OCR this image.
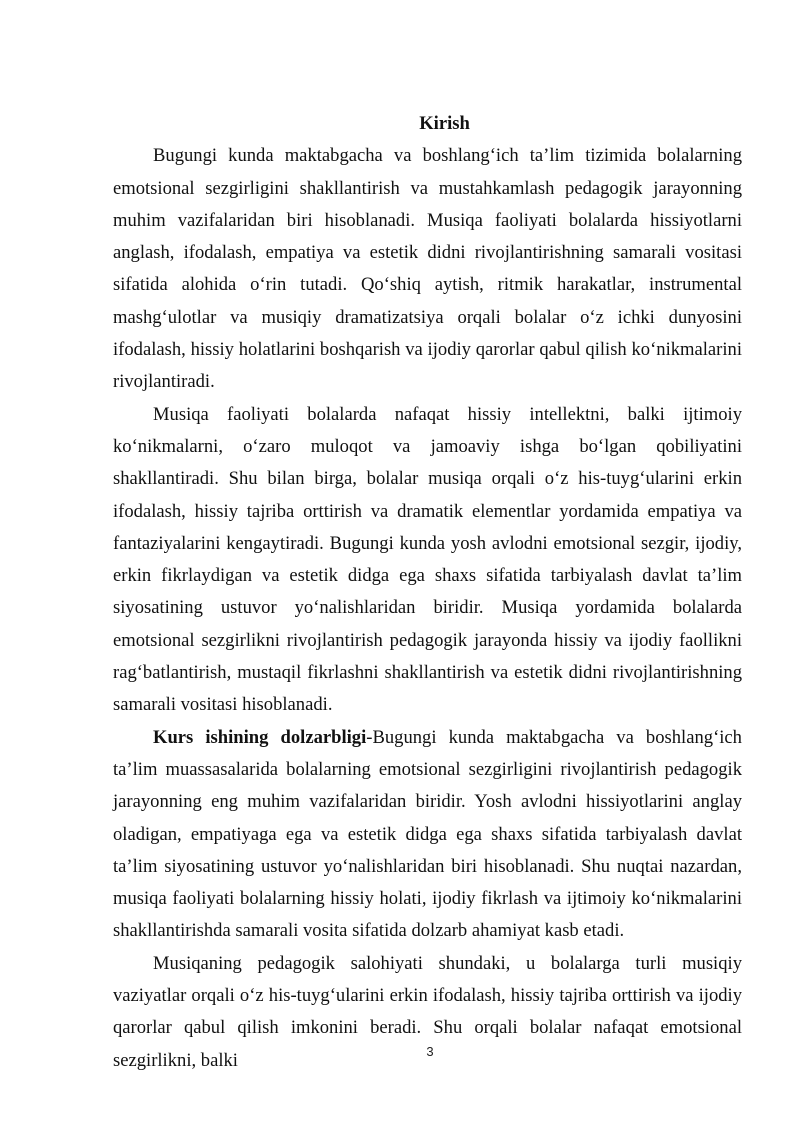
Kirish

Bugungi kunda maktabgacha va boshlang‘ich ta’lim tizimida bolalarning emotsional sezgirligini shakllantirish va mustahkamlash pedagogik jarayonning muhim vazifalaridan biri hisoblanadi. Musiqa faoliyati bolalarda hissiyotlarni anglash, ifodalash, empatiya va estetik didni rivojlantirishning samarali vositasi sifatida alohida o‘rin tutadi. Qo‘shiq aytish, ritmik harakatlar, instrumental mashg‘ulotlar va musiqiy dramatizatsiya orqali bolalar o‘z ichki dunyosini ifodalash, hissiy holatlarini boshqarish va ijodiy qarorlar qabul qilish ko‘nikmalarini rivojlantiradi.

Musiqa faoliyati bolalarda nafaqat hissiy intellektni, balki ijtimoiy ko‘nikmalarni, o‘zaro muloqot va jamoaviy ishga bo‘lgan qobiliyatini shakllantiradi. Shu bilan birga, bolalar musiqa orqali o‘z his-tuyg‘ularini erkin ifodalash, hissiy tajriba orttirish va dramatik elementlar yordamida empatiya va fantaziyalarini kengaytiradi. Bugungi kunda yosh avlodni emotsional sezgir, ijodiy, erkin fikrlaydigan va estetik didga ega shaxs sifatida tarbiyalash davlat ta’lim siyosatining ustuvor yo‘nalishlaridan biridir. Musiqa yordamida bolalarda emotsional sezgirlikni rivojlantirish pedagogik jarayonda hissiy va ijodiy faollikni rag‘batlantirish, mustaqil fikrlashni shakllantirish va estetik didni rivojlantirishning samarali vositasi hisoblanadi.

Kurs ishining dolzarbligi-Bugungi kunda maktabgacha va boshlang‘ich ta’lim muassasalarida bolalarning emotsional sezgirligini rivojlantirish pedagogik jarayonning eng muhim vazifalaridan biridir. Yosh avlodni hissiyotlarini anglay oladigan, empatiyaga ega va estetik didga ega shaxs sifatida tarbiyalash davlat ta’lim siyosatining ustuvor yo‘nalishlaridan biri hisoblanadi. Shu nuqtai nazardan, musiqa faoliyati bolalarning hissiy holati, ijodiy fikrlash va ijtimoiy ko‘nikmalarini shakllantirishda samarali vosita sifatida dolzarb ahamiyat kasb etadi.

Musiqaning pedagogik salohiyati shundaki, u bolalarga turli musiqiy vaziyatlar orqali o‘z his-tuyg‘ularini erkin ifodalash, hissiy tajriba orttirish va ijodiy qarorlar qabul qilish imkonini beradi. Shu orqali bolalar nafaqat emotsional sezgirlikni, balki	3
